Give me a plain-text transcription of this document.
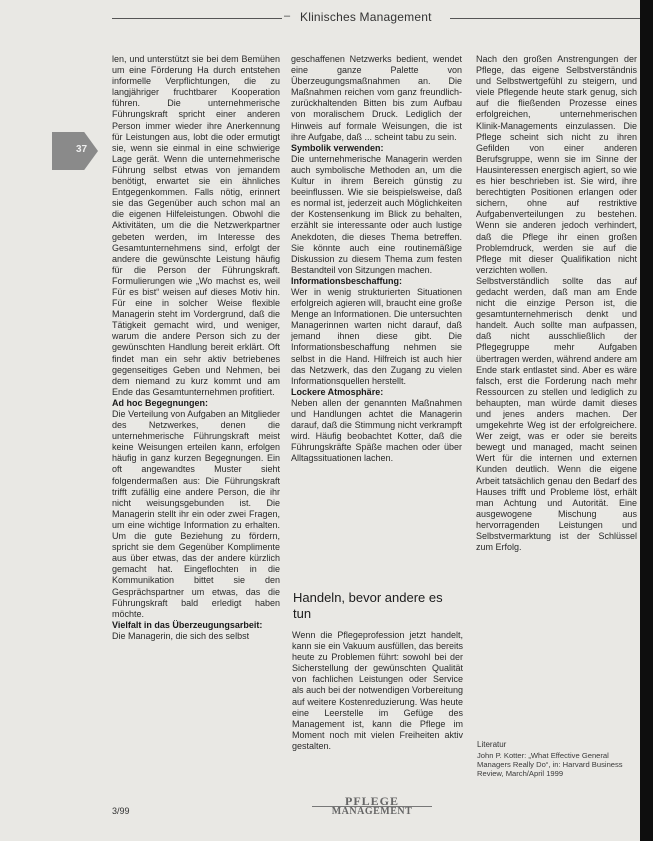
– Klinisches Management
37

len, und unterstützt sie bei dem Bemühen um eine Förderung Ha durch entstehen informelle Verpflichtungen, die zu langjähriger fruchtbarer Kooperation führen. Die unternehmerische Führungskraft spricht einer anderen Person immer wieder ihre Anerkennung für Leistungen aus, lobt die oder ermutigt sie, wenn sie einmal in eine schwierige Lage gerät. Wenn die unternehmerische Führung selbst etwas von jemandem benötigt, erwartet sie ein ähnliches Entgegenkommen. Falls nötig, erinnert sie das Gegenüber auch schon mal an die eigenen Hilfeleistungen. Obwohl die Aktivitäten, um die die Netzwerkpartner gebeten werden, im Interesse des Gesamtunternehmens sind, erfolgt der andere die gewünschte Leistung häufig für die Person der Führungskraft. Formulierungen wie „Wo machst es, weil Für es bist“ weisen auf dieses Motiv hin. Für eine in solcher Weise flexible Managerin steht im Vordergrund, daß die Tätigkeit gemacht wird, und weniger, warum die andere Person sich zu der gewünschten Handlung bereit erklärt. Oft findet man ein sehr aktiv betriebenes gegenseitiges Geben und Nehmen, bei dem niemand zu kurz kommt und am Ende das Gesamtunternehmen profitiert.

Ad hoc Begegnungen:

Die Verteilung von Aufgaben an Mitglieder des Netzwerkes, denen die unternehmerische Führungskraft meist keine Weisungen erteilen kann, erfolgen häufig in ganz kurzen Begegnungen. Ein oft angewandtes Muster sieht folgendermaßen aus: Die Führungskraft trifft zufällig eine andere Person, die ihr nicht weisungsgebunden ist. Die Managerin stellt ihr ein oder zwei Fragen, um eine wichtige Information zu erhalten. Um die gute Beziehung zu fördern, spricht sie dem Gegenüber Komplimente aus über etwas, das der andere kürzlich gemacht hat. Eingeflochten in die Kommunikation bittet sie den Gesprächspartner um etwas, das die Führungskraft bald erledigt haben möchte.

Vielfalt in das Überzeugungsarbeit:

Die Managerin, die sich des selbst

geschaffenen Netzwerks bedient, wendet eine ganze Palette von Überzeugungsmaßnahmen an. Die Maßnahmen reichen vom ganz freundlich-zurückhaltenden Bitten bis zum Aufbau von moralischem Druck. Lediglich der Hinweis auf formale Weisungen, die ist ihre Aufgabe, daß ... scheint tabu zu sein.

Symbolik verwenden:

Die unternehmerische Managerin werden auch symbolische Methoden an, um die Kultur in ihrem Bereich günstig zu beeinflussen. Wie sie beispielsweise, daß es normal ist, jederzeit auch Möglichkeiten der Kostensenkung im Blick zu behalten, erzählt sie interessante oder auch lustige Anekdoten, die dieses Thema betreffen. Sie könnte auch eine routinemäßige Diskussion zu diesem Thema zum festen Bestandteil von Sitzungen machen.

Informationsbeschaffung:

Wer in wenig strukturierten Situationen erfolgreich agieren will, braucht eine große Menge an Informationen. Die untersuchten Managerinnen warten nicht darauf, daß jemand ihnen diese gibt. Die Informationsbeschaffung nehmen sie selbst in die Hand. Hilfreich ist auch hier das Netzwerk, das den Zugang zu vielen Informationsquellen herstellt.

Lockere Atmosphäre:

Neben allen der genannten Maßnahmen und Handlungen achtet die Managerin darauf, daß die Stimmung nicht verkrampft wird. Häufig beobachtet Kotter, daß die Führungskräfte Späße machen oder über Alltagssituationen lachen.

Nach den großen Anstrengungen der Pflege, das eigene Selbstverständnis und Selbstwertgefühl zu steigern, und viele Pflegende heute stark genug, sich auf die fließenden Prozesse eines erfolgreichen, unternehmerischen Klinik-Managements einzulassen. Die Pflege scheint sich nicht zu ihren Gefilden von einer anderen Berufsgruppe, wenn sie im Sinne der Hausinteressen energisch agiert, so wie es hier beschrieben ist. Sie wird, ihre berechtigten Positionen erlangen oder sichern, ohne auf restriktive Aufgabenverteilungen zu bestehen. Wenn sie anderen jedoch verhindert, daß die Pflege ihr einen großen Problemdruck, werden sie auf die Pflege mit dieser Qualifikation nicht verzichten wollen.

Selbstverständlich sollte das auf gedacht werden, daß man am Ende nicht die einzige Person ist, die gesamtunternehmerisch denkt und handelt. Auch sollte man aufpassen, daß nicht ausschließlich der Pflegegruppe mehr Aufgaben übertragen werden, während andere am Ende stark entlastet sind. Aber es wäre falsch, erst die Forderung nach mehr Ressourcen zu stellen und lediglich zu behaupten, man würde damit dieses und jenes anders machen. Der umgekehrte Weg ist der erfolgreichere. Wer zeigt, was er oder sie bereits bewegt und managed, macht seinen Wert für die internen und externen Kunden deutlich. Wenn die eigene Arbeit tatsächlich genau den Bedarf des Hauses trifft und Probleme löst, erhält man Achtung und Autorität. Eine ausgewogene Mischung aus hervorragenden Leistungen und Selbstvermarktung ist der Schlüssel zum Erfolg.

Handeln, bevor andere es tun

Wenn die Pflegeprofession jetzt handelt, kann sie ein Vakuum ausfüllen, das bereits heute zu Problemen führt: sowohl bei der Sicherstellung der gewünschten Qualität von fachlichen Leistungen oder Service als auch bei der notwendigen Vorbereitung auf weitere Kostenreduzierung. Was heute eine Leerstelle im Gefüge des Management ist, kann die Pflege im Moment noch mit vielen Freiheiten aktiv gestalten.	Literatur
John P. Kotter: „What Effective General Managers Really Do“, in: Harvard Business Review, March/April 1999
3/99
PFLEGE
MANAGEMENT
